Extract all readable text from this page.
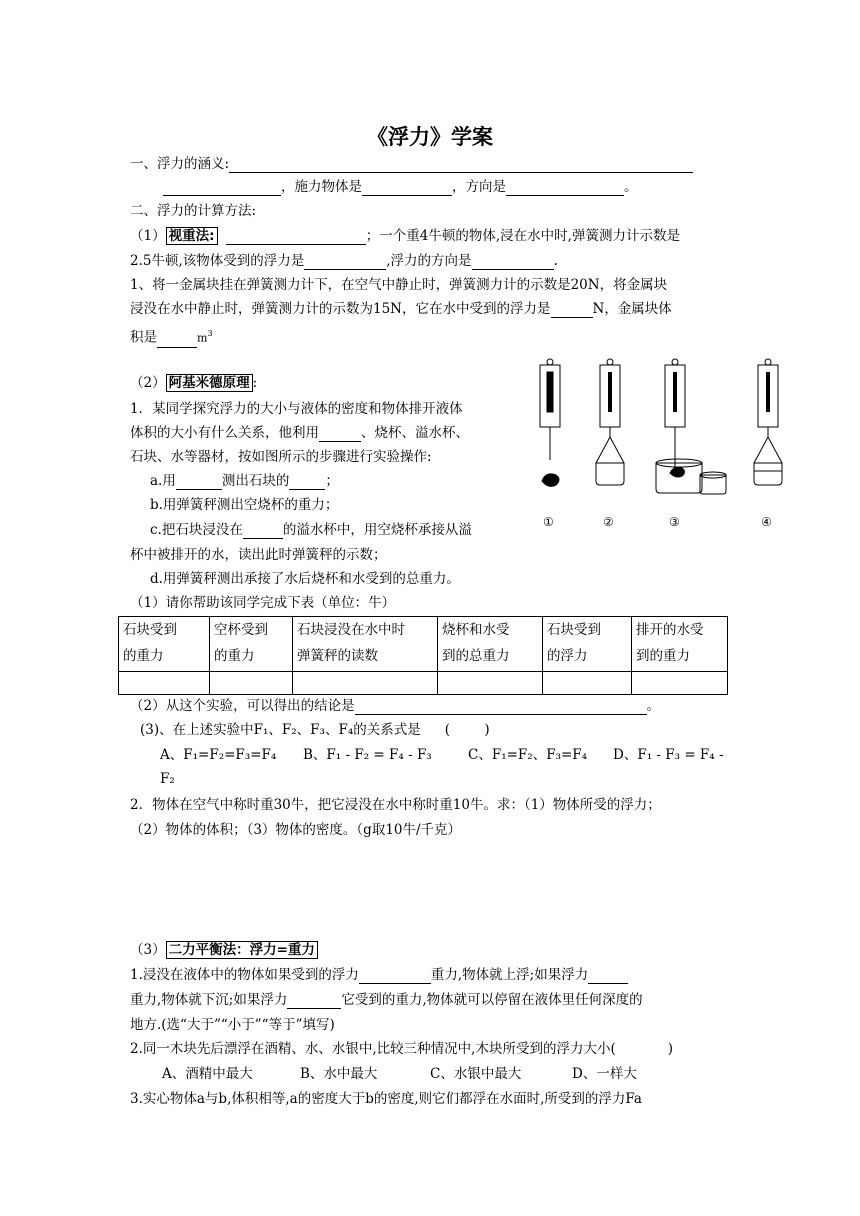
《浮力》学案
一、浮力的涵义:
，施力物体是	，方向是	。
二、浮力的计算方法:
（1） 视重法:	；一个重4牛顿的物体,浸在水中时,弹簧测力计示数是
2.5牛顿,该物体受到的浮力是	,浮力的方向是	.
1、将一金属块挂在弹簧测力计下，在空气中静止时，弹簧测力计的示数是20N，将金属块
浸没在水中静止时，弹簧测力计的示数为15N，它在水中受到的浮力是	N，金属块体
积是	$m^3$
（2） 阿基米德原理 :
1．某同学探究浮力的大小与液体的密度和物体排开液体
体积的大小有什么关系，他利用	、烧杯、溢水杯、
石块、水等器材，按如图所示的步骤进行实验操作:
a.用	测出石块的	；
b.用弹簧秤测出空烧杯的重力；
c.把石块浸没在	的溢水杯中，用空烧杯承接从溢
杯中被排开的水，读出此时弹簧秤的示数；
d.用弹簧秤测出承接了水后烧杯和水受到的总重力。
①	②	③	④
（1）请你帮助该同学完成下表（单位：牛）
石块受到
的重力	空杯受到
的重力	石块浸没在水中时
弹簧秤的读数	烧杯和水受
到的总重力	石块受到
的浮力	排开的水受
到的重力

（2）从这个实验，可以得出的结论是	。
(3)、在上述实验中F₁、F₂、F₃、F₄的关系式是 (        )
A、F₁=F₂=F₃=F₄ B、F₁ - F₂ = F₄ - F₃	C、F₁=F₂、F₃=F₄ D、F₁ - F₃ = F₄ -
F₂
2．物体在空气中称时重30牛，把它浸没在水中称时重10牛。求：（1）物体所受的浮力；
（2）物体的体积；（3）物体的密度。（g取10牛/千克）
（3） 二力平衡法：浮力=重力
1.浸没在液体中的物体如果受到的浮力	重力,物体就上浮;如果浮力
重力,物体就下沉;如果浮力	它受到的重力,物体就可以停留在液体里任何深度的
地方.(选“大于”“小于”“等于”填写)
2.同一木块先后漂浮在酒精、水、水银中,比较三种情况中,木块所受到的浮力大小(	)
A、酒精中最大	B、水中最大	C、水银中最大	D、一样大
3.实心物体a与b,体积相等,a的密度大于b的密度,则它们都浮在水面时,所受到的浮力Fa
